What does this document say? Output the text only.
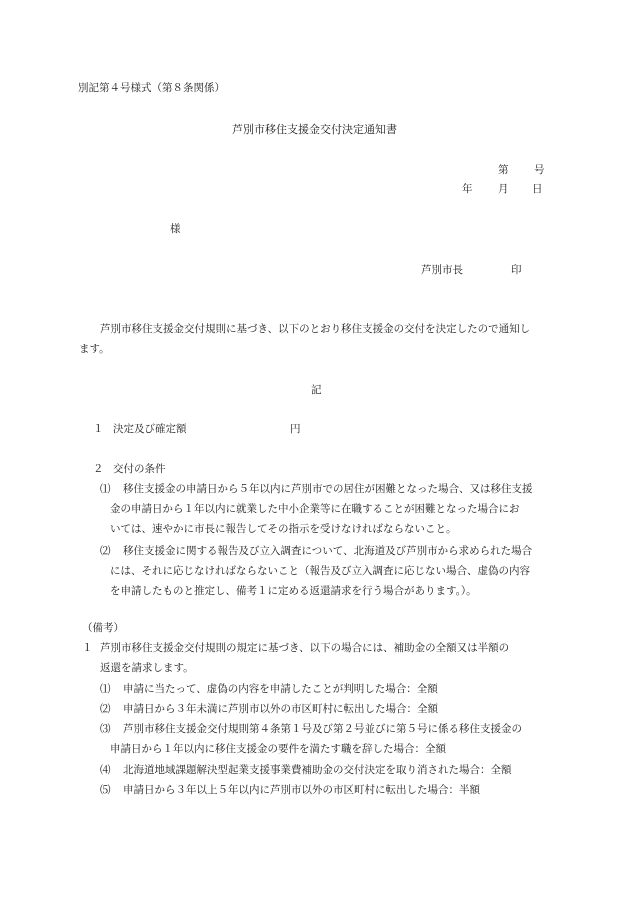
別記第４号様式（第８条関係）
芦別市移住支援金交付決定通知書
第 号
年 月 日
様
芦別市長	印

芦別市移住支援金交付規則に基づき、以下のとおり移住支援金の交付を決定したので通知し

ます。

記
１ 決定及び確定額	円
２ 交付の条件
⑴	移住支援金の申請日から５年以内に芦別市での居住が困難となった場合、又は移住支援
金の申請日から１年以内に就業した中小企業等に在職することが困難となった場合にお
いては、速やかに市長に報告してその指示を受けなければならないこと。
⑵	移住支援金に関する報告及び立入調査について、北海道及び芦別市から求められた場合
には、それに応じなければならないこと（報告及び立入調査に応じない場合、虚偽の内容
を申請したものと推定し、備考１に定める返還請求を行う場合があります。）。
（備考）
１ 芦別市移住支援金交付規則の規定に基づき、以下の場合には、補助金の全額又は半額の
返還を請求します。
⑴	申請に当たって、虚偽の内容を申請したことが判明した場合：全額
⑵	申請日から３年未満に芦別市以外の市区町村に転出した場合：全額
⑶	芦別市移住支援金交付規則第４条第１号及び第２号並びに第５号に係る移住支援金の
申請日から１年以内に移住支援金の要件を満たす職を辞した場合：全額
⑷	北海道地域課題解決型起業支援事業費補助金の交付決定を取り消された場合：全額
⑸	申請日から３年以上５年以内に芦別市以外の市区町村に転出した場合：半額
